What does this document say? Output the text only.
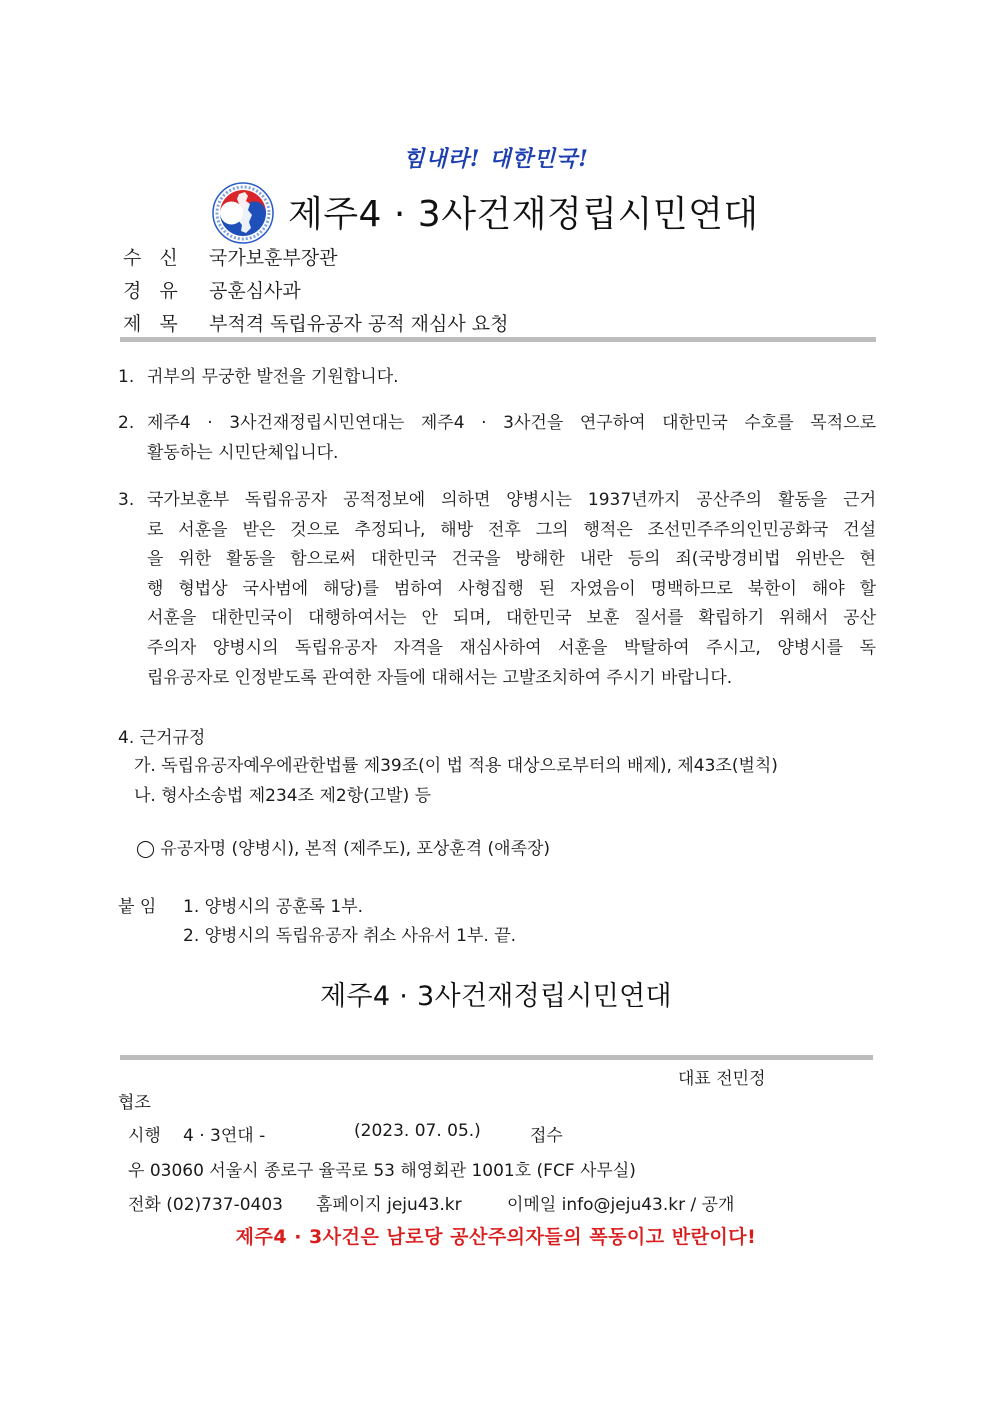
힘내라! 대한민국!
제주4 · 3사건재정립시민연대
수 신 국가보훈부장관
경 유 공훈심사과
제 목 부적격 독립유공자 공적 재심사 요청
1. 귀부의 무궁한 발전을 기원합니다.
2. 제주4 · 3사건재정립시민연대는 제주4 · 3사건을 연구하여 대한민국 수호를 목적으로
활동하는 시민단체입니다.
3. 국가보훈부 독립유공자 공적정보에 의하면 양병시는 1937년까지 공산주의 활동을 근거
로 서훈을 받은 것으로 추정되나, 해방 전후 그의 행적은 조선민주주의인민공화국 건설
을 위한 활동을 함으로써 대한민국 건국을 방해한 내란 등의 죄(국방경비법 위반은 현
행 형법상 국사범에 해당)를 범하여 사형집행 된 자였음이 명백하므로 북한이 해야 할
서훈을 대한민국이 대행하여서는 안 되며, 대한민국 보훈 질서를 확립하기 위해서 공산
주의자 양병시의 독립유공자 자격을 재심사하여 서훈을 박탈하여 주시고, 양병시를 독
립유공자로 인정받도록 관여한 자들에 대해서는 고발조치하여 주시기 바랍니다.
4. 근거규정
가. 독립유공자예우에관한법률 제39조(이 법 적용 대상으로부터의 배제), 제43조(벌칙)
나. 형사소송법 제234조 제2항(고발) 등
◯ 유공자명 (양병시), 본적 (제주도), 포상훈격 (애족장)
붙 임 1. 양병시의 공훈록 1부.
2. 양병시의 독립유공자 취소 사유서 1부. 끝.
제주4 · 3사건재정립시민연대
대표 전민정
협조
시행 4 · 3연대 -	(2023. 07. 05.)	접수
우 03060 서울시 종로구 율곡로 53 해영회관 1001호 (FCF 사무실)
전화 (02)737-0403 홈페이지 jeju43.kr	이메일 info@jeju43.kr / 공개
제주4 · 3사건은 남로당 공산주의자들의 폭동이고 반란이다!
